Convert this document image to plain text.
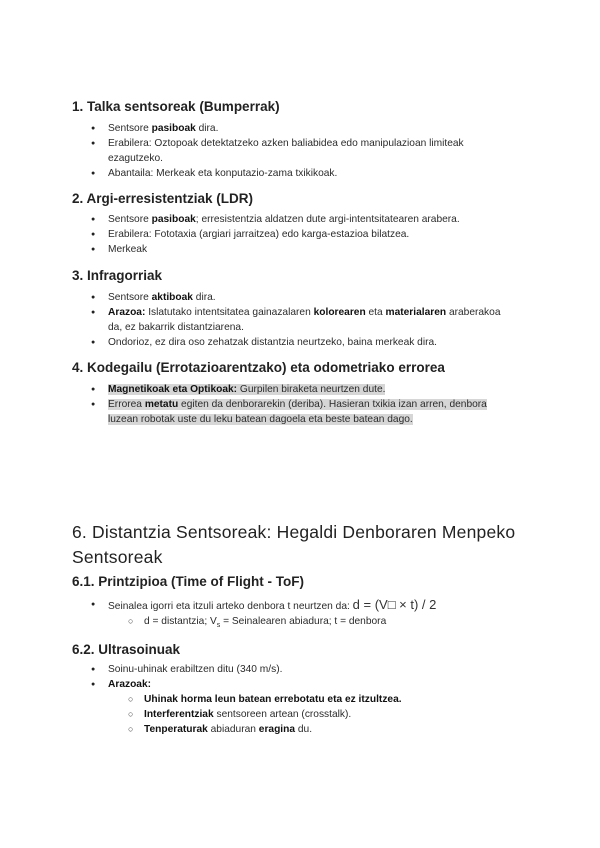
1. Talka sentsoreak (Bumperrak)
● Sentsore pasiboak dira.
● Erabilera: Oztopoak detektatzeko azken baliabidea edo manipulazioan limiteak ezagutzeko.
● Abantaila: Merkeak eta konputazio-zama txikikoak.
2. Argi-erresistentziak (LDR)
● Sentsore pasiboak; erresistentzia aldatzen dute argi-intentsitatearen arabera.
● Erabilera: Fototaxia (argiari jarraitzea) edo karga-estazioa bilatzea.
● Merkeak
3. Infragorriak
● Sentsore aktiboak dira.
● Arazoa: Islatutako intentsitatea gainazalaren kolorearen eta materialaren araberakoa da, ez bakarrik distantziarena.
● Ondorioz, ez dira oso zehatzak distantzia neurtzeko, baina merkeak dira.
4. Kodegailu (Errotazioarentzako) eta odometriako errorea
● Magnetikoak eta Optikoak: Gurpilen biraketa neurtzen dute.
● Errorea metatu egiten da denborarekin (deriba). Hasieran txikia izan arren, denbora luzean robotak uste du leku batean dagoela eta beste batean dago.
6. Distantzia Sentsoreak: Hegaldi Denboraren Menpeko Sentsoreak
6.1. Printzipioa (Time of Flight - ToF)
● Seinalea igorri eta itzuli arteko denbora t neurtzen da: d = (V□ × t) / 2
○ d = distantzia; $V_s$ = Seinalearen abiadura; t = denbora
6.2. Ultrasoinuak
● Soinu-uhinak erabiltzen ditu (340 m/s).
● Arazoak:
○ Uhinak horma leun batean errebotatu eta ez itzultzea.
○ Interferentziak sentsoreen artean (crosstalk).
○ Tenperaturak abiaduran eragina du.
